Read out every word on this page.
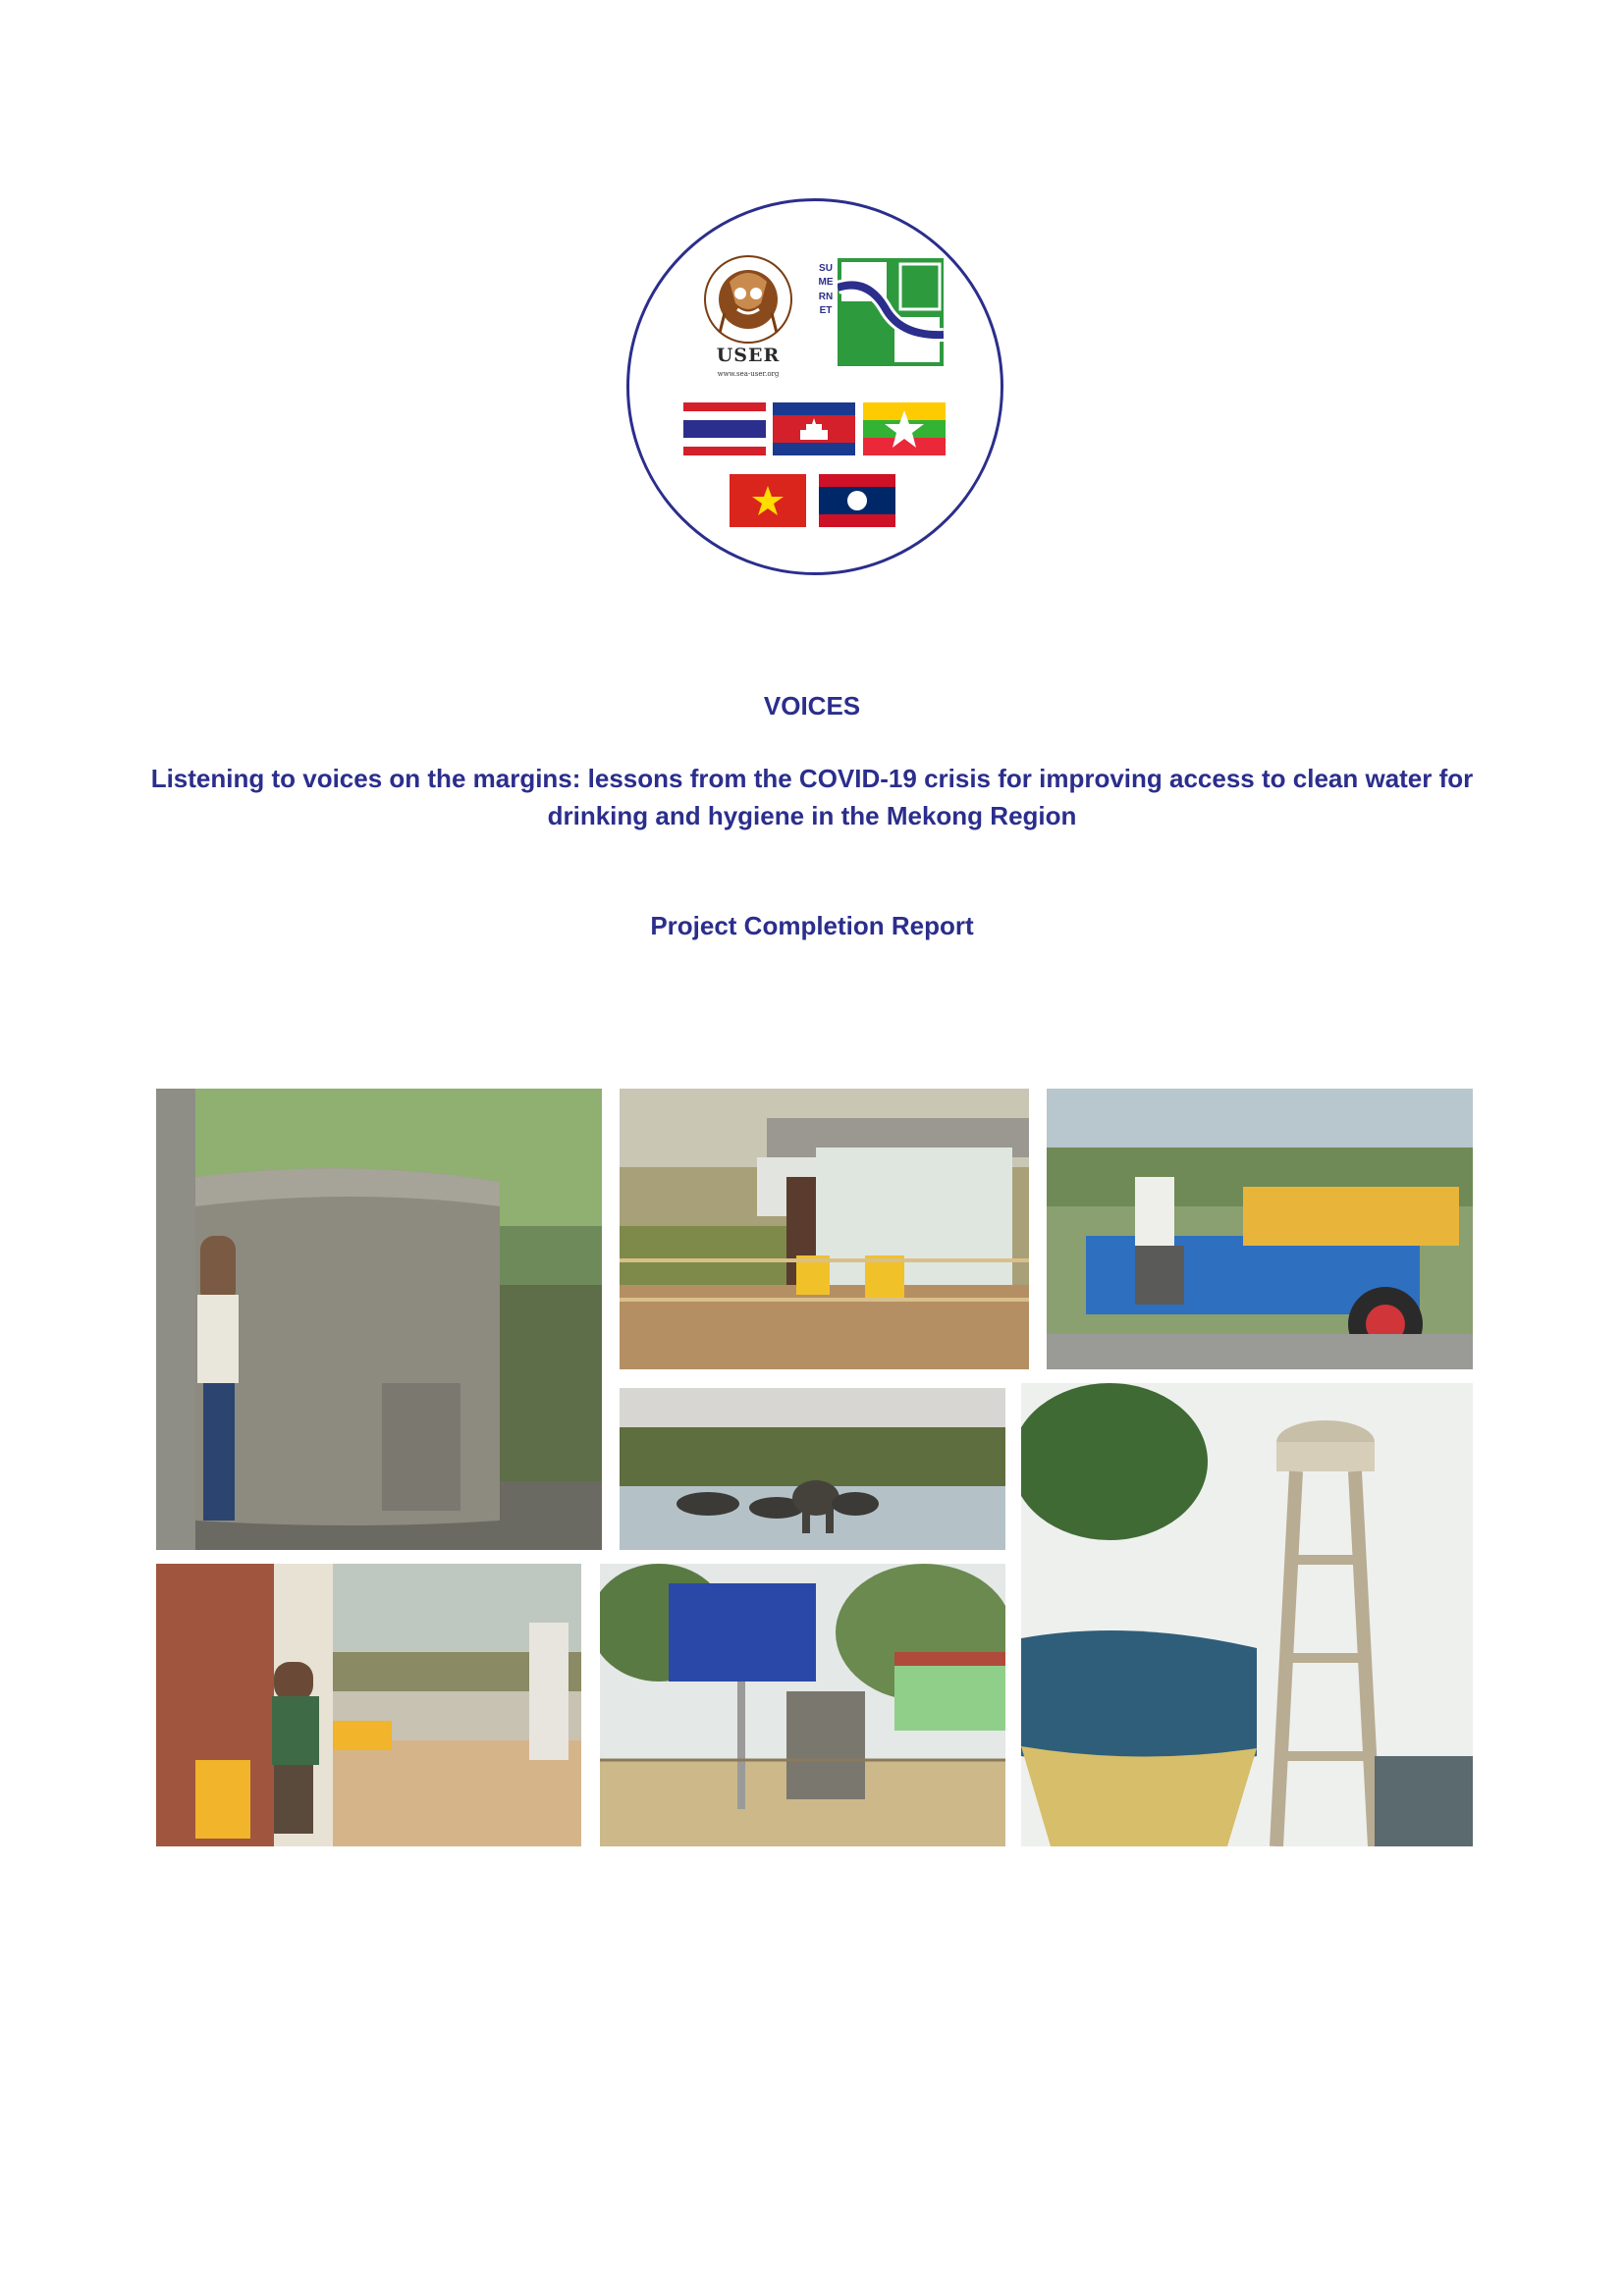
USER
www.sea-user.org
SUMERNET
VOICES
Listening to voices on the margins: lessons from the COVID-19 crisis for improving access to clean water for drinking and hygiene in the Mekong Region
Project Completion Report
